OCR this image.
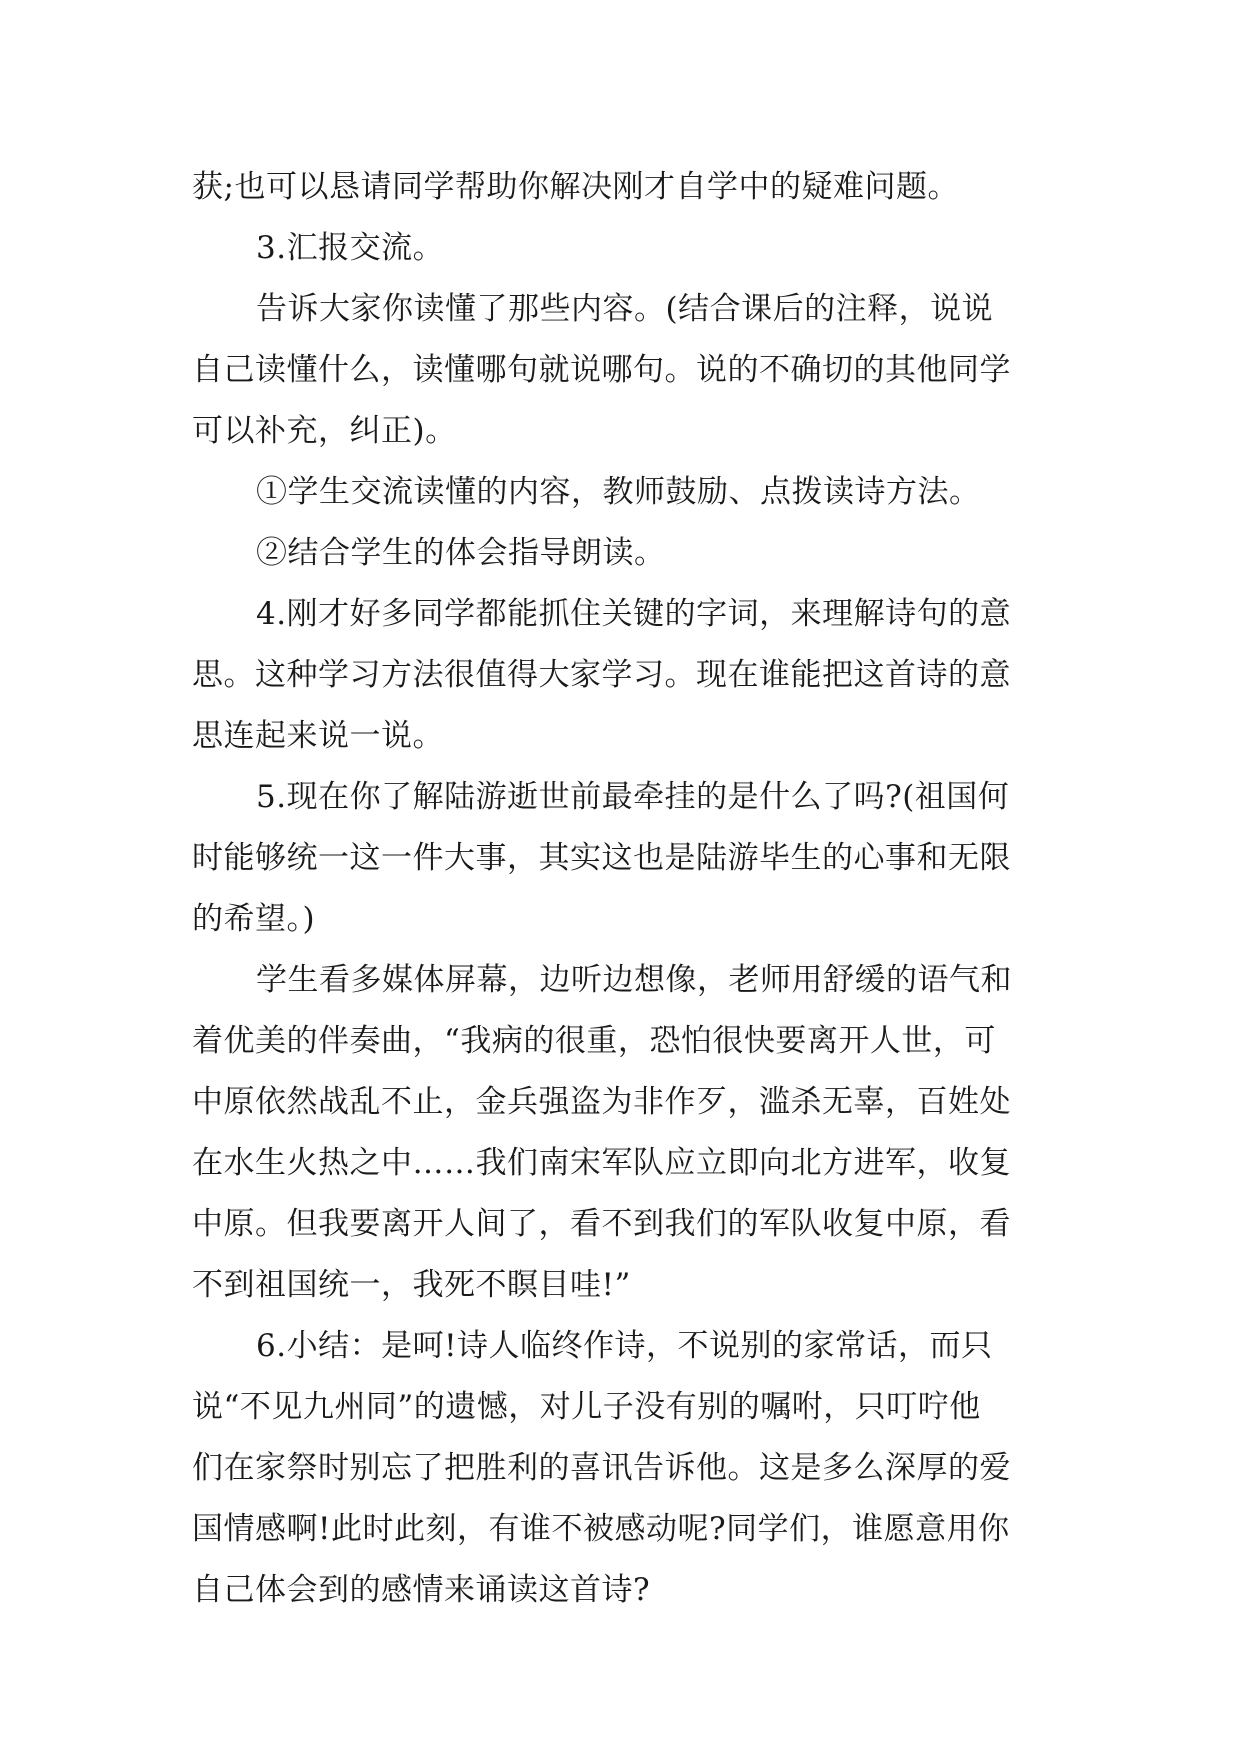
获;也可以恳请同学帮助你解决刚才自学中的疑难问题。
3.汇报交流。
告诉大家你读懂了那些内容。(结合课后的注释，说说
自己读懂什么，读懂哪句就说哪句。说的不确切的其他同学
可以补充，纠正)。
①学生交流读懂的内容，教师鼓励、点拨读诗方法。
②结合学生的体会指导朗读。
4.刚才好多同学都能抓住关键的字词，来理解诗句的意
思。这种学习方法很值得大家学习。现在谁能把这首诗的意
思连起来说一说。
5.现在你了解陆游逝世前最牵挂的是什么了吗?(祖国何
时能够统一这一件大事，其实这也是陆游毕生的心事和无限
的希望。)
学生看多媒体屏幕，边听边想像，老师用舒缓的语气和
着优美的伴奏曲，“我病的很重，恐怕很快要离开人世，可
中原依然战乱不止，金兵强盗为非作歹，滥杀无辜，百姓处
在水生火热之中……我们南宋军队应立即向北方进军，收复
中原。但我要离开人间了，看不到我们的军队收复中原，看
不到祖国统一，我死不瞑目哇!”
6.小结：是呵!诗人临终作诗，不说别的家常话，而只
说“不见九州同”的遗憾，对儿子没有别的嘱咐，只叮咛他
们在家祭时别忘了把胜利的喜讯告诉他。这是多么深厚的爱
国情感啊!此时此刻，有谁不被感动呢?同学们，谁愿意用你
自己体会到的感情来诵读这首诗?
